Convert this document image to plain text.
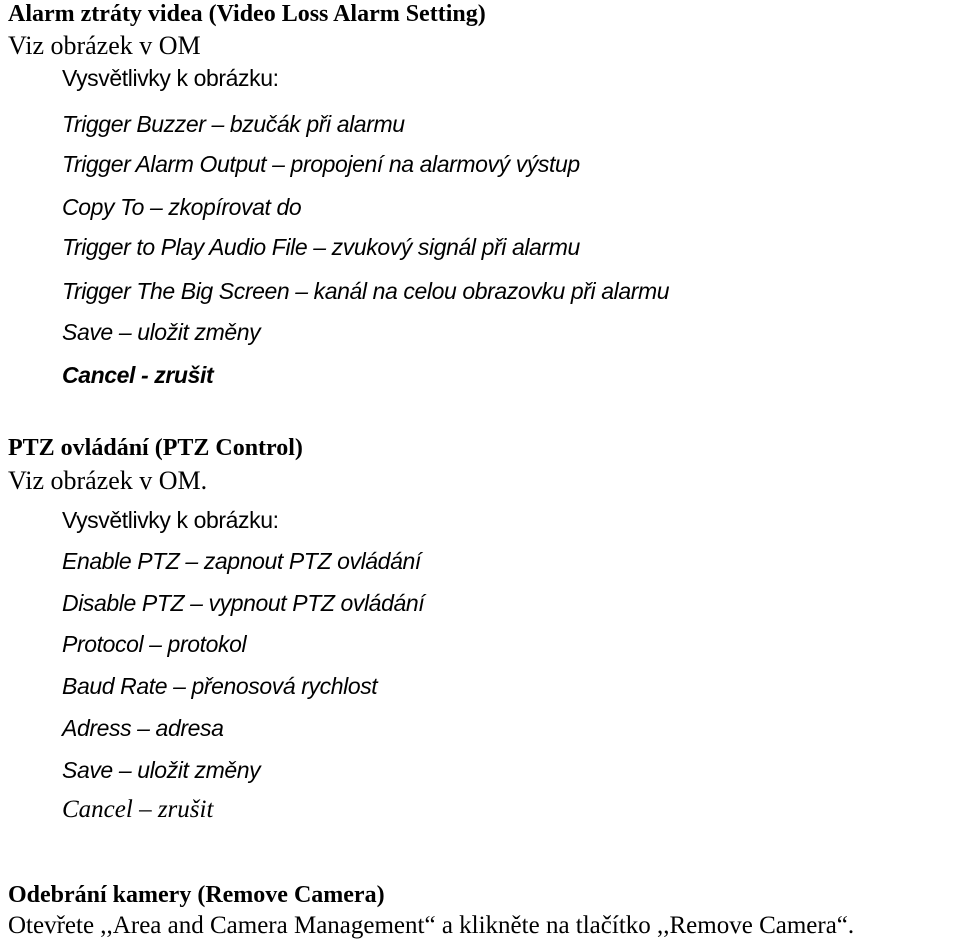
Alarm ztráty videa (Video Loss Alarm Setting)
Viz obrázek v OM
Vysvětlivky k obrázku:
Trigger Buzzer – bzučák při alarmu
Trigger Alarm Output – propojení na alarmový výstup
Copy To – zkopírovat do
Trigger to Play Audio File – zvukový signál při alarmu
Trigger The Big Screen – kanál na celou obrazovku při alarmu
Save – uložit změny
Cancel - zrušit
PTZ ovládání (PTZ Control)
Viz obrázek v OM.
Vysvětlivky k obrázku:
Enable PTZ – zapnout PTZ ovládání
Disable PTZ – vypnout PTZ ovládání
Protocol – protokol
Baud Rate – přenosová rychlost
Adress – adresa
Save – uložit změny
Cancel – zrušit
Odebrání kamery (Remove Camera)
Otevřete ,,Area and Camera Management“ a klikněte na tlačítko ,,Remove Camera“.
